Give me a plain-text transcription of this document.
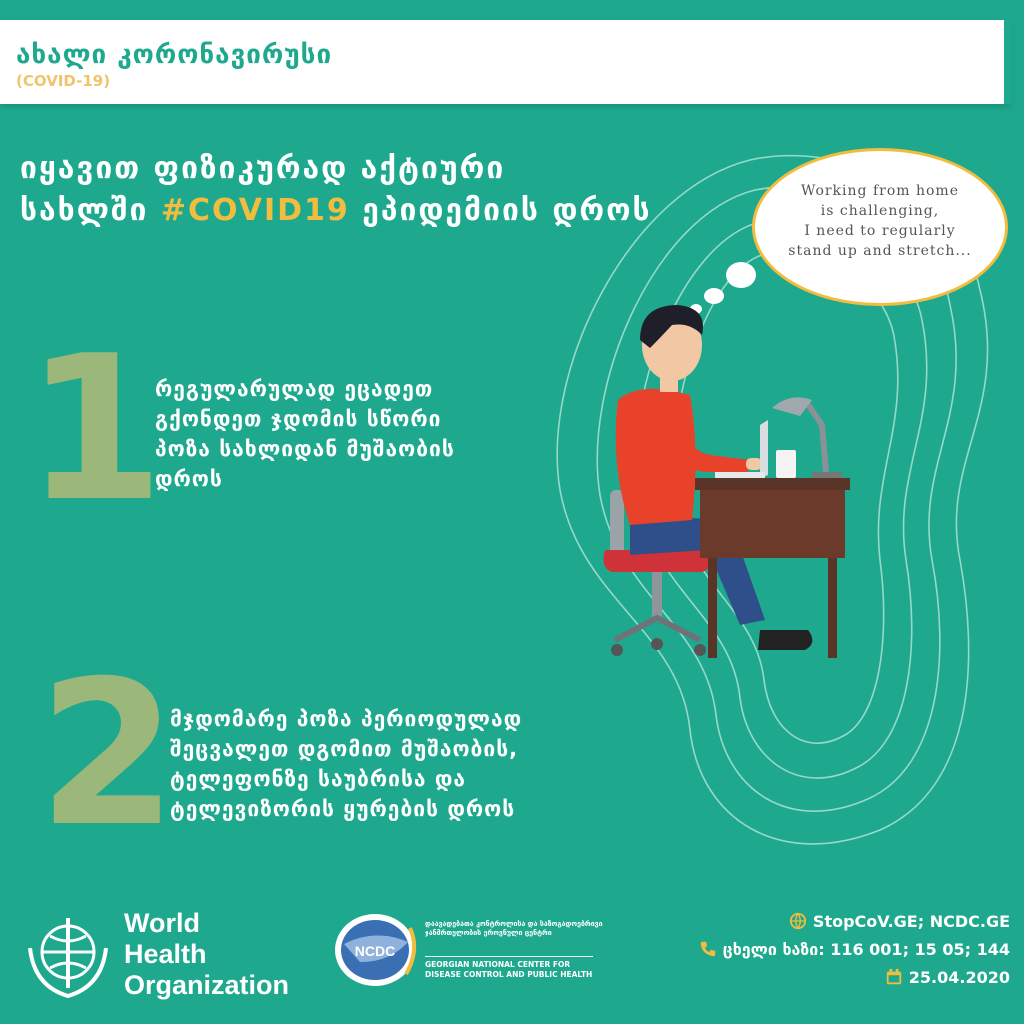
ახალი კორონავირუსი
(COVID-19)
იყავით ფიზიკურად აქტიური
სახლში #COVID19 ეპიდემიის დროს
Working from home
is challenging,
I need to regularly
stand up and stretch...
1
რეგულარულად ეცადეთ გქონდეთ ჯდომის სწორი პოზა სახლიდან მუშაობის დროს
2
მჯდომარე პოზა პერიოდულად შეცვალეთ დგომით მუშაობის, ტელეფონზე საუბრისა და ტელევიზორის ყურების დროს
World Health
Organization
NCDC
დაავადებათა კონტროლისა და საზოგადოებრივი ჯანმრთელობის ეროვნული ცენტრი
GEORGIAN NATIONAL CENTER FOR DISEASE CONTROL AND PUBLIC HEALTH
StopCoV.GE; NCDC.GE
ცხელი ხაზი: 116 001; 15 05; 144
25.04.2020
